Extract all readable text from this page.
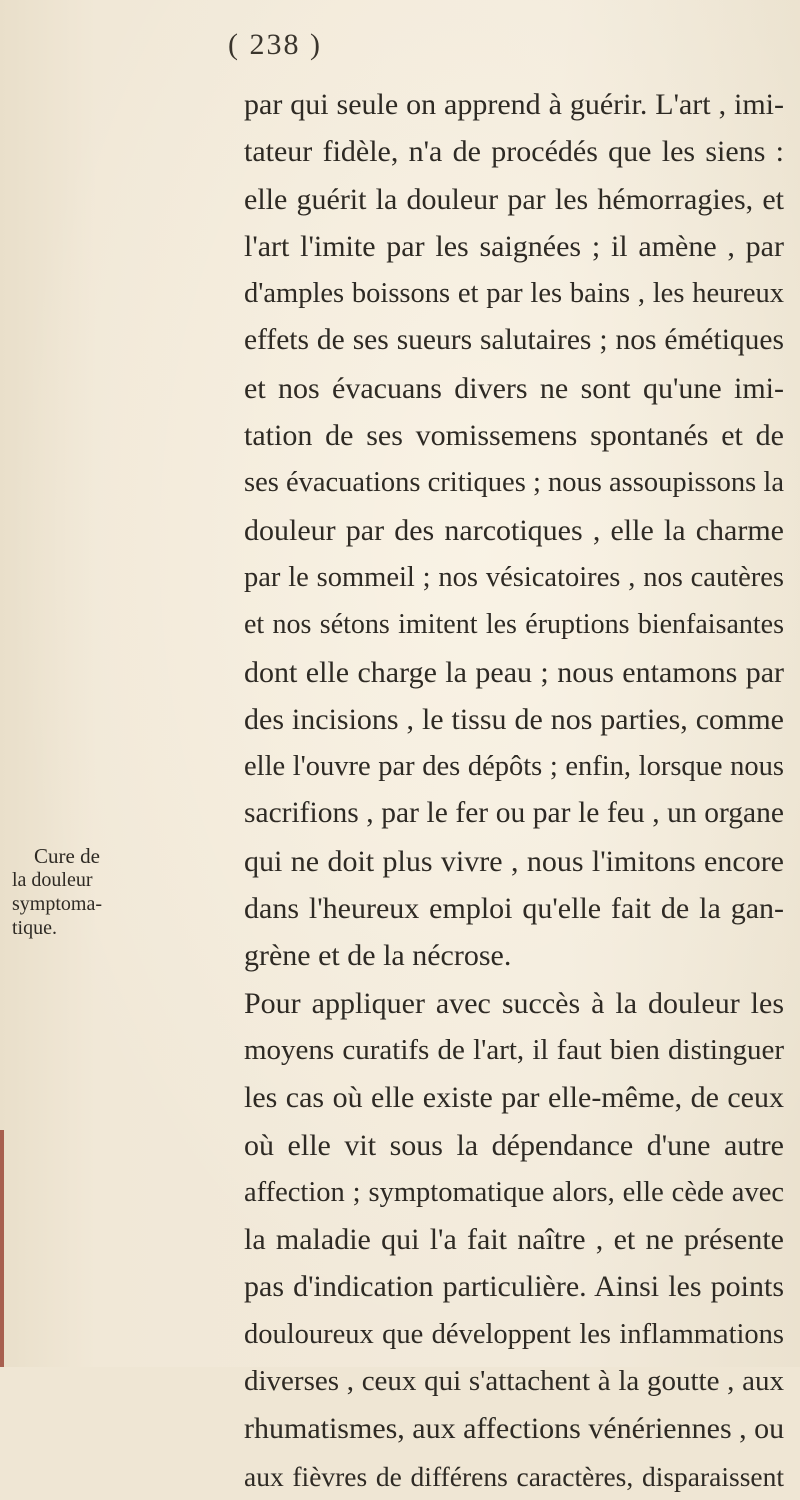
( 238 )
Cure de
la douleur
symptoma-
tique.
par qui seule on apprend à guérir. L'art , imi-
tateur fidèle, n'a de procédés que les siens :
elle guérit la douleur par les hémorragies, et
l'art l'imite par les saignées ; il amène , par
d'amples boissons et par les bains , les heureux
effets de ses sueurs salutaires ; nos émétiques
et nos évacuans divers ne sont qu'une imi-
tation de ses vomissemens spontanés et de
ses évacuations critiques ; nous assoupissons la
douleur par des narcotiques , elle la charme
par le sommeil ; nos vésicatoires , nos cautères
et nos sétons imitent les éruptions bienfaisantes
dont elle charge la peau ; nous entamons par
des incisions , le tissu de nos parties, comme
elle l'ouvre par des dépôts ; enfin, lorsque nous
sacrifions , par le fer ou par le feu , un organe
qui ne doit plus vivre , nous l'imitons encore
dans l'heureux emploi qu'elle fait de la gan-
grène et de la nécrose.
Pour appliquer avec succès à la douleur les
moyens curatifs de l'art, il faut bien distinguer
les cas où elle existe par elle-même, de ceux
où elle vit sous la dépendance d'une autre
affection ; symptomatique alors, elle cède avec
la maladie qui l'a fait naître , et ne présente
pas d'indication particulière. Ainsi les points
douloureux que développent les inflammations
diverses , ceux qui s'attachent à la goutte , aux
rhumatismes, aux affections vénériennes , ou
aux fièvres de différens caractères, disparaissent
